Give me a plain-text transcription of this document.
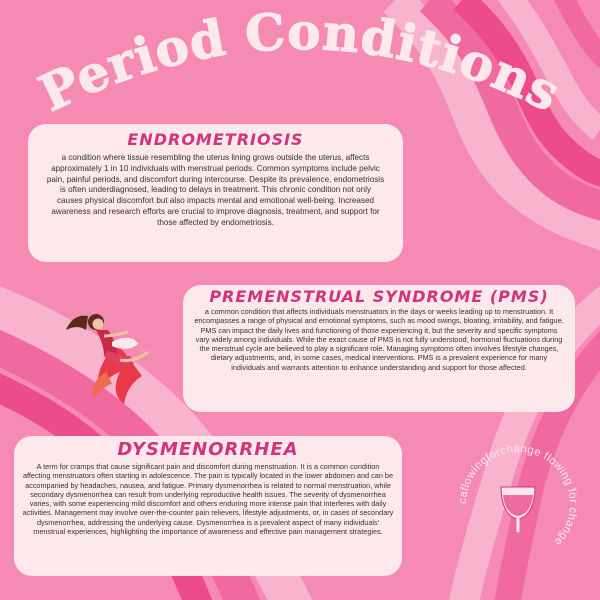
Period Conditions
ENDROMETRIOSIS

a condition where tissue resembling the uterus lining grows outside the uterus, affects approximately 1 in 10 individuals with menstrual periods. Common symptoms include pelvic pain, painful periods, and discomfort during intercourse. Despite its prevalence, endometriosis is often underdiagnosed, leading to delays in treatment. This chronic condition not only causes physical discomfort but also impacts mental and emotional well-being. Increased awareness and research efforts are crucial to improve diagnosis, treatment, and support for those affected by endometriosis.

PREMENSTRUAL SYNDROME (PMS)

a common condition that affects individuals menstruators in the days or weeks leading up to menstruation. It encompasses a range of physical and emotional symptoms, such as mood swings, bloating, irritability, and fatigue. PMS can impact the daily lives and functioning of those experiencing it, but the severity and specific symptoms vary widely among individuals. While the exact cause of PMS is not fully understood, hormonal fluctuations during the menstrual cycle are believed to play a significant role. Managing symptoms often involves lifestyle changes, dietary adjustments, and, in some cases, medical interventions. PMS is a prevalent experience for many individuals and warrants attention to enhance understanding and support for those affected.

DYSMENORRHEA

A term for cramps that cause significant pain and discomfort during menstruation. It is a common condition affecting menstruators often starting in adolescence. The pain is typically located in the lower abdomen and can be accompanied by headaches, nausea, and fatigue. Primary dysmenorrhea is related to normal menstruation, while secondary dysmenorrhea can result from underlying reproductive health issues. The severity of dysmenorrhea varies, with some experiencing mild discomfort and others enduring more intense pain that interferes with daily activities. Management may involve over-the-counter pain relievers, lifestyle adjustments, or, in cases of secondary dysmenorrhea, addressing the underlying cause. Dysmenorrhea is a prevalent aspect of many individuals' menstrual experiences, highlighting the importance of awareness and effective pain management strategies.

caflowingforchange flowing for change
